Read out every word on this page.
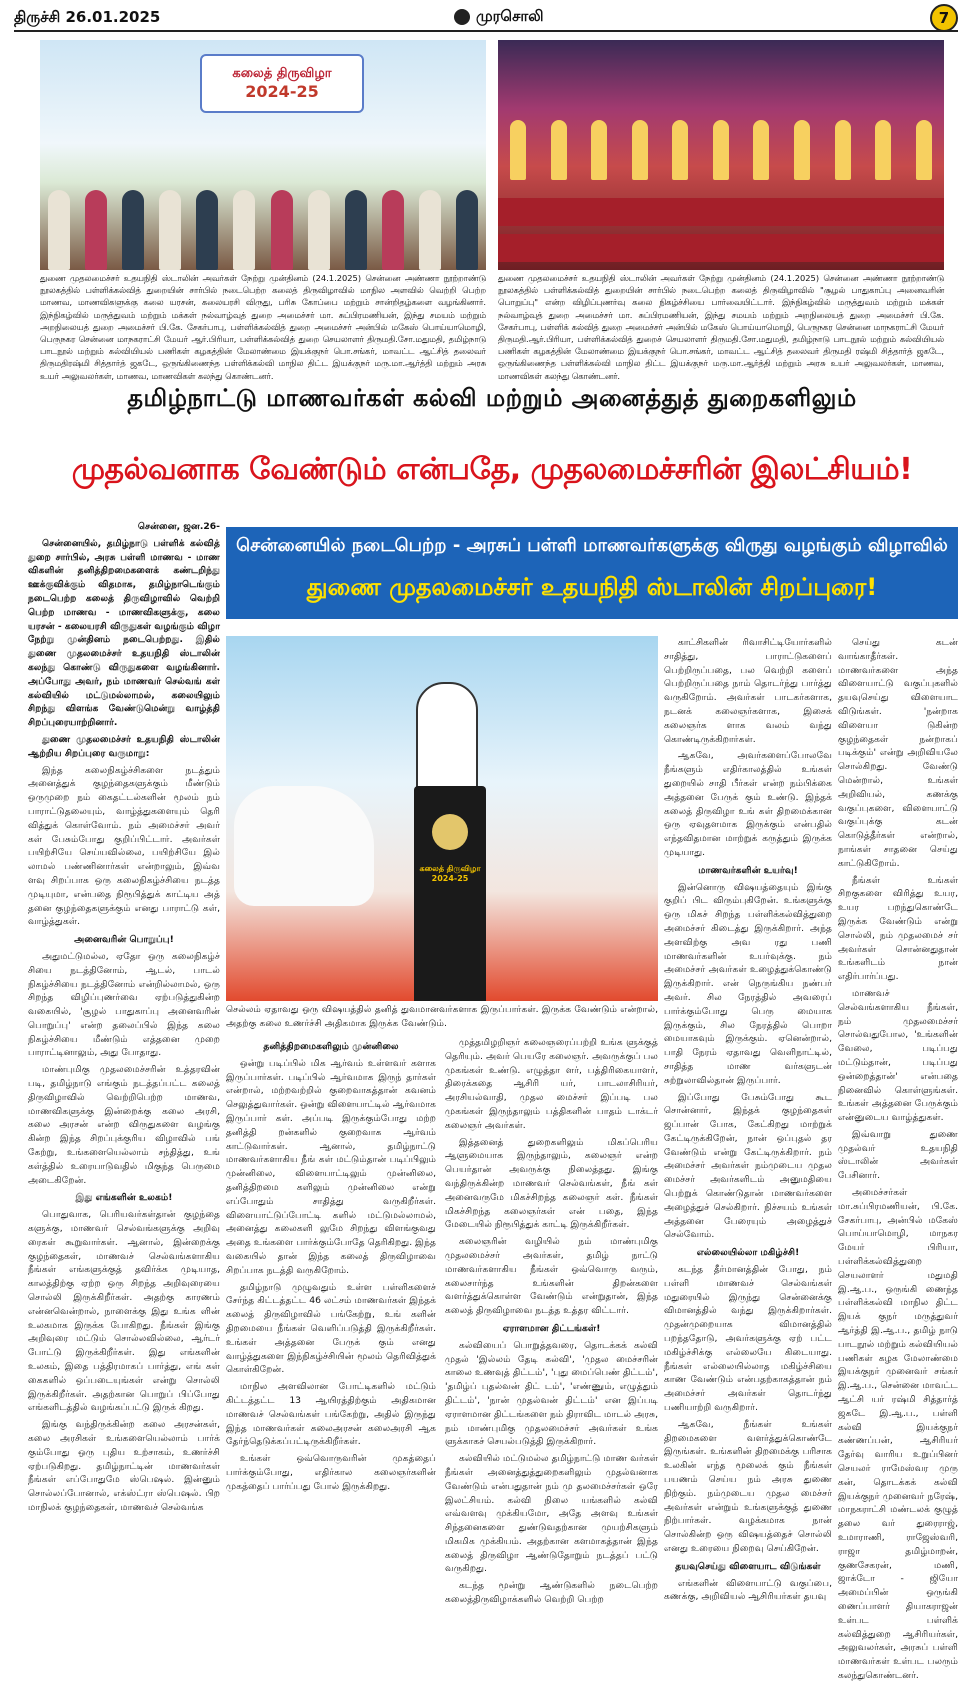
திருச்சி 26.01.2025	முரசொலி	7
கலைத் திருவிழா
2024-25
துணை முதலமைச்சர் உதயநிதி ஸ்டாலின் அவர்கள் நேற்று முன்தினம் (24.1.2025) சென்னை அண்ணா நூற்றாண்டு நூலகத்தில் பள்ளிக்கல்வித் துறையின் சார்பில் நடைபெற்ற கலைத் திருவிழாவில் மாநில அளவில் வெற்றி பெற்ற மாணவ, மாணவிகளுக்கு கலை யரசன், கலையரசி விருது, பரிசு கோப்பை மற்றும் சான்றிதழ்களை வழங்கினார். இந்நிகழ்வில் மருத்துவம் மற்றும் மக்கள் நல்வாழ்வுத் துறை அமைச்சர் மா. சுப்பிரமணியன், இந்து சமயம் மற்றும் அறநிலையத் துறை அமைச்சர் பி.கே. சேகர்பாபு, பள்ளிக்கல்வித் துறை அமைச்சர் அன்பில் மகேஸ் பொய்யாமொழி, பெருநகர சென்னை மாநகராட்சி மேயர் ஆர்.பிரியா, பள்ளிக்கல்வித் துறை செயலாளர் திருமதி.சோ.மதுமதி, தமிழ்நாடு பாடநூல் மற்றும் கல்வியியல் பணிகள் கழகத்தின் மேலாண்மை இயக்குநர் பொ.சங்கர், மாவட்ட ஆட்சித் தலைவர் திருமதிரஷ்மி சித்தார்த் ஜகடே, ஒருங்கிணைந்த பள்ளிக்கல்வி மாநில திட்ட இயக்குநர் மரு.மா.ஆர்த்தி மற்றும் அரசு உயர் அலுவலர்கள், மாணவ, மாணவிகள் கலந்து கொண்டனர்.
துணை முதலமைச்சர் உதயநிதி ஸ்டாலின் அவர்கள் நேற்று முன்தினம் (24.1.2025) சென்னை அண்ணா நூற்றாண்டு நூலகத்தில் பள்ளிக்கல்வித் துறையின் சார்பில் நடைபெற்ற கலைத் திருவிழாவில் "சூழல் பாதுகாப்பு அனைவரின் பொறுப்பு" என்ற விழிப்புணர்வு கலை நிகழ்ச்சியை பார்வையிட்டார். இந்நிகழ்வில் மருத்துவம் மற்றும் மக்கள் நல்வாழ்வுத் துறை அமைச்சர் மா. சுப்பிரமணியன், இந்து சமயம் மற்றும் அறநிலையத் துறை அமைச்சர் பி.கே. சேகர்பாபு, பள்ளிக் கல்வித் துறை அமைச்சர் அன்பில் மகேஸ் பொய்யாமொழி, பெருநகர சென்னை மாநகராட்சி மேயர் திருமதி.ஆர்.பிரியா, பள்ளிக்கல்வித் துறைச் செயலாளர் திருமதி.சோ.மதுமதி, தமிழ்நாடு பாடநூல் மற்றும் கல்வியியல் பணிகள் கழகத்தின் மேலாண்மை இயக்குநர் பொ.சங்கர், மாவட்ட ஆட்சித் தலைவர் திருமதி ரஷ்மி சித்தார்த் ஜகடே, ஒருங்கிணைந்த பள்ளிக்கல்வி மாநில திட்ட இயக்குநர் மரு.மா.ஆர்த்தி மற்றும் அரசு உயர் அலுவலர்கள், மாணவ, மாணவிகள் கலந்து கொண்டனர்.
தமிழ்நாட்டு மாணவர்கள் கல்வி மற்றும் அனைத்துத் துறைகளிலும்
முதல்வனாக வேண்டும் என்பதே, முதலமைச்சரின் இலட்சியம்!

சென்னை, ஜன.26-

சென்னையில், தமிழ்நாடு பள்ளிக் கல்வித் துறை சார்பில், அரசு பள்ளி மாணவ - மாண விகளின் தனித்திறமைகளைக் கண்டறிந்து ஊக்குவிக்கும் விதமாக, தமிழ்நாடெங்கும் நடைபெற்ற கலைத் திருவிழாவில் வெற்றி பெற்ற மாணவ - மாணவிகளுக்கு, கலை யரசன் - கலையரசி விருதுகள் வழங்கும் விழா நேற்று முன்தினம் நடைபெற்றது. இதில் துணை முதலமைச்சர் உதயநிதி ஸ்டாலின் கலந்து கொண்டு விருதுகளை வழங்கினார். அப்போது அவர், நம் மாணவர் செல்வங் கள் கல்வியில் மட்டுமல்லாமல், கலையிலும் சிறந்து விளங்க வேண்டுமென்று வாழ்த்தி சிறப்புரையாற்றினார்.

துணை முதலமைச்சர் உதயநிதி ஸ்டாலின் ஆற்றிய சிறப்புரை வருமாறு:

இந்த கலைநிகழ்ச்சிகளை நடத்தும் அனைத்துக் குழந்தைகளுக்கும் மீண்டும் ஒருமுறை நம் கைதட்டல்களின் மூலம் நம் பாராட்டுதலையும், வாழ்த்துகளையும் தெரி வித்துக் கொள்வோம். நம் அமைச்சர் அவர் கள் பேசும்போது குறிப்பிட்டார். அவர்கள் பயிற்சியே செய்யவில்லை, பயிற்சியே இல் லாமல் பண்ணினார்கள் என்றாலும், இவ்வ ளவு சிறப்பாக ஒரு கலைநிகழ்ச்சியை நடத்த முடியுமா, என்பதை நிரூபித்துக் காட்டிய அத் தனை குழந்தைகளுக்கும் எனது பாராட்டு கள், வாழ்த்துகள்.

அனைவரின் பொறுப்பு!

அதுமட்டுமல்ல, ஏதோ ஒரு கலைநிகழ்ச் சியை நடத்தினோம், ஆடல், பாடல் நிகழ்ச்சியை நடத்தினோம் என்றில்லாமல், ஒரு சிறந்த விழிப்புணர்வை ஏற்படுத்துகின்ற வகையில், 'சூழல் பாதுகாப்பு அனைவரின் பொறுப்பு' என்ற தலைப்பில் இந்த கலை நிகழ்ச்சியை மீண்டும் எத்தனை முறை பாராட்டினாலும், அது போதாது.

மாண்புமிகு முதலமைச்சரின் உத்தரவின் படி, தமிழ்நாடு எங்கும் நடத்தப்பட்ட கலைத் திருவிழாவில் வெற்றிபெற்ற மாணவ, மாணவிகளுக்கு இன்றைக்கு கலை அரசி, கலை அரசன் என்ற விருதுகளை வழங்கு கின்ற இந்த சிறப்புக்குரிய விழாவில் பங் கேற்று, உங்களையெல்லாம் சந்தித்து, உங் கள்த்தில் உரையாடுவதில் மிகுந்த பெருமை அடைகிறேன்.

இது எங்களின் உலகம்!

பொதுவாக, பெரியவர்கள்தான் குழந்தை களுக்கு, மாணவர் செல்வங்களுக்கு அறிவு ரைகள் கூறுவார்கள். ஆனால், இன்றைக்கு குழந்தைகள், மாணவச் செல்வங்களாகிய நீங்கள் எங்களுக்குத் தவிர்க்க முடியாத, காலத்திற்கு ஏற்ற ஒரு சிறந்த அறிவுரையை சொல்லி இருக்கிறீர்கள். அதற்கு காரணம் என்னவென்றால், நாளைக்கு இது உங்க ளின் உலகமாக இருக்க போகிறது. நீங்கள் இங்கு அறிவுரை மட்டும் சொல்லவில்லை, ஆர்டர் போட்டு இருக்கிறீர்கள். இது எங்களின் உலகம், இதை பத்திரமாகப் பார்த்து, எங் கள் கைகளில் ஒப்படையுங்கள் என்று சொல்லி இருக்கிறீர்கள். அதற்கான பொறுப் பிப்போது எங்களிடத்தில் வழங்கப்பட்டு இருக் கிறது.

இங்கு வந்திருக்கின்ற கலை அரசன்கள், கலை அரசிகள் உங்களையெல்லாம் பார்க் கும்போது ஒரு புதிய உற்சாகம், உணர்ச்சி ஏற்படுகிறது. தமிழ்நாட்டின் மாணவர்கள் நீங்கள் எப்போதுமே ஸ்பெஷல். இன்னும் சொல்லப்போனால், எக்ஸ்ட்ரா ஸ்பெஷல். பிற மாநிலக் குழந்தைகள், மாணவச் செல்வங்க

சென்னையில் நடைபெற்ற - அரசுப் பள்ளி மாணவர்களுக்கு விருது வழங்கும் விழாவில்
துணை முதலமைச்சர் உதயநிதி ஸ்டாலின் சிறப்புரை!
கலைத் திருவிழா 2024-25
செல்லம் ஏதாவது ஒரு விஷயத்தில் தனித் துவமானவர்களாக இருப்பார்கள். இருக்க வேண்டும் என்றால், அதற்கு கலை உணர்ச்சி அதிகமாக இருக்க வேண்டும்.

தனித்திறமைகளிலும் முன்னிலை

ஒன்று படிப்பில் மிக ஆர்வம் உள்ளவர் களாக இருப்பார்கள். படிப்பில் ஆர்வமாக இருந் தார்கள் என்றால், மற்றவற்றில் குறைவாகத்தான் கவனம் செலுத்துவார்கள். ஒன்று விளையாட்டில் ஆர்வமாக இருப்பார் கள். அப்படி இருக்கும்போது மற்ற தனித்தி றன்களில் குறைவாக ஆர்வம் காட்டுவார்கள். ஆனால், தமிழ்நாட்டு மாணவர்களாகிய நீங் கள் மட்டும்தான் படிப்பிலும் முன்னிலை, விளையாட்டிலும் முன்னிலை, தனித்திறமை களிலும் முன்னிலை என்று எப்போதும் சாதித்து வருகிறீர்கள். விளையாட்டுப்போட்டி களில் மட்டுமல்லாமல், அனைத்து கலைகளி லுமே சிறந்து விளங்குவது அதை உங்களை பார்க்கும்போதே தெரிகிறது. இந்த வகையில் தான் இந்த கலைத் திருவிழாவை சிறப்பாக நடத்தி வருகிறோம்.

தமிழ்நாடு முழுவதும் உள்ள பள்ளிகளைச் சேர்ந்த கிட்டத்தட்ட 46 லட்சம் மாணவர்கள் இந்தக் கலைத் திருவிழாவில் பங்கேற்று, உங் களின் திறமையை நீங்கள் வெளிப்படுத்தி இருக்கிறீர்கள். உங்கள் அத்தனை பேருக் கும் எனது வாழ்த்துகளை இந்நிகழ்ச்சியின் மூலம் தெரிவித்துக் கொள்கிறேன்.

மாநில அளவிலான போட்டிகளில் மட்டும் கிட்டத்தட்ட 13 ஆயிரத்திற்கும் அதிகமான மாணவச் செல்வங்கள் பங்கேற்று, அதில் இருந்து இந்த மாணவர்கள் கலைஅரசன் கலைஅரசி ஆக தேர்ந்தெடுக்கப்பட்டிருக்கிறீர்கள்.

உங்கள் ஒவ்வொருவரின் முகத்தைப் பார்க்கும்போது, எதிர்கால கலைஞர்களின் முகத்தைப் பார்ப்பது போல் இருக்கிறது.

முத்தமிழறிஞர் கலைஞரைப்பற்றி உங்க ளுக்குத் தெரியும். அவர் பெயரே கலைஞர். அவருக்குப் பல முகங்கள் உண்டு. எழுத்தா ளர், பத்திரிகையாளர், திரைக்கதை ஆசிரி யர், பாடலாசிரியர், அரசியல்வாதி, முதல மைச்சர் இப்படி பல முகங்கள் இருந்தாலும் பத்திகளின் பாதம் டாக்டர் கலைஞர் அவர்கள்.

இத்தனைத் துறைகளிலும் மிகப்பெரிய ஆளுமையாக இருந்தாலும், கலைஞர் என்ற பெயர்தான் அவருக்கு நிலைத்தது. இங்கு வந்திருக்கின்ற மாணவர் செல்வங்கள், நீங் கள் அனைவருமே மிகச்சிறந்த கலைஞர் கள். நீங்கள் மிகச்சிறந்த கலைஞர்கள் என் பதை, இந்த மேடையில் நிரூபித்துக் காட்டி இருக்கிறீர்கள்.

கலைஞரின் வழியில் நம் மாண்புமிகு முதலமைச்சர் அவர்கள், தமிழ் நாட்டு மாணவர்களாகிய நீங்கள் ஒவ்வொரு வரும், கலைசார்ந்த உங்களின் திறன்களை வளர்த்துக்கொள்ள வேண்டும் என்றுதான், இந்த கலைத் திருவிழாவை நடத்த உத்தர விட்டார்.

ஏராளமான திட்டங்கள்!

கல்வியைப் பொறுத்தவரை, தொடக்கக் கல்வி முதல் 'இல்லம் தேடி கல்வி', 'முதல மைச்சரின் காலை உணவுத் திட்டம்', 'புது மைப்பெண் திட்டம்', 'தமிழ்ப் புதல்வன் திட் டம்', 'எண்ணும், எழுத்தும் திட்டம்', 'நான் முதல்வன் திட்டம்' என இப்படி ஏராளமான திட்டங்களை நம் திராவிட மாடல் அரசு, நம் மாண்புமிகு முதலமைச்சர் அவர்கள் உங்க ளுக்காகச் செயல்படுத்தி இருக்கிறார்.

கல்வியில் மட்டுமல்ல தமிழ்நாட்டு மாண வர்கள் நீங்கள் அனைத்துத்துறைகளிலும் முதல்வனாக வேண்டும் என்பதுதான் நம் மு தலமைச்சர்கள் ஒரே இலட்சியம். கல்வி நிலை யங்களில் கல்வி எவ்வளவு முக்கியமோ, அதே அளவு உங்கள் சிந்தனைகளை துண்டுவதற்கான முயற்சிகளும் மிகமிக முக்கியம். அதற்கான களமாகத்தான் இந்த கலைத் திருவிழா ஆண்டுதோறும் நடத்தப் பட்டு வருகிறது.

கடந்த மூன்று ஆண்டுகளில் நடைபெற்ற கலைத்திருவிழாக்களில் வெற்றி பெற்ற

காட்சிகளின் ரிவாசிட்டியோர்களில் சாதித்து, பாராட்டுகளைப் பெற்றிருப்பதை, பல வெற்றி களைப் பெற்றிருப்பதை நாம் தொடர்ந்து பார்த்து வருகிறோம். அவர்கள் பாடகர்களாக, நடனக் கலைஞர்களாக, இசைக் கலைஞர்க ளாக வலம் வந்து கொண்டிருக்கிறார்கள்.

ஆகவே, அவர்களைப்போலவே நீங்களும் எதிர்காலத்தில் உங்கள் துறையில் சாதி பீர்கள் என்ற நம்பிக்கை அத்தனை பேருக் கும் உண்டு. இந்தக் கலைத் திருவிழா உங் கள் திறமைக்கான ஒரு ஏவுதளமாக இருக்கும் என்பதில் எந்தவிதமான மாற்றுக் கருத்தும் இருக்க முடியாது.

மாணவர்களின் உயர்வு!

இன்னொரு விஷயத்தையும் இங்கு குறிப் பிட விரும்புகிறேன். உங்களுக்கு ஒரு மிகச் சிறந்த பள்ளிக்கல்வித்துறை அமைச்சர் கிடைத்து இருக்கிறார். அந்த அளவிற்கு அவ ரது பணி மாணவர்களின் உயர்வுக்கு. நம் அமைச்சர் அவர்கள் உழைத்துக்கொண்டு இருக்கிறார். என் நெருங்கிய நண்பர் அவர். சில நேரத்தில் அவரைப் பார்க்கும்போது பெரு மையாக இருக்கும், சில நேரத்தில் பொறா மையாகவும் இருக்கும். ஏனென்றால், பாதி நேரம் ஏதாவது வெளிநாட்டில், சாதித்த மாண வர்களுடன் சுற்றுலாவில்தான் இருப்பார்.

இப்போது பேசும்போது கூட சொன்னார், இந்தக் குழந்தைகள் ஜப்பான் போக, கேட்கிறது மாற்றுக் கேட்டிருக்கிறேன், நான் ஒப்புதல் தர வேண்டும் என்று கேட்டிருக்கிறார். நம் அமைச்சர் அவர்கள் நம்முடைய முதல மைச்சர் அவர்களிடம் அனுமதியை பெற்றுக் கொண்டுதான் மாணவர்களை அழைத்துச் செல்கிறார். நிச்சயம் உங்கள் அத்தனை பேரையும் அழைத்துச் செல்வோம்.

எல்லையில்லா மகிழ்ச்சி!

கடந்த தீர்மானத்தின் போது, நம் பள்ளி மாணவச் செல்வங்கள் மதுரையில் இருந்து சென்னைக்கு விமானத்தில் வந்து இருக்கிறார்கள். முதன்முறையாக விமானத்தில் பறந்ததோடு, அவர்களுக்கு ஏற் பட்ட மகிழ்ச்சிக்கு எல்லையே கிடையாது. நீங்கள் எல்லையில்லாத மகிழ்ச்சியை காண வேண்டும் என்பதற்காகத்தான் நம் அமைச்சர் அவர்கள் தொடர்ந்து பணியாற்றி வருகிறார்.

ஆகவே, நீங்கள் உங்கள் திறமைகளை வளர்த்துக்கொண்டே இருங்கள். உங்களின் திறமைக்கு பரிசாக உலகின் எந்த மூலைக் கும் நீங்கள் பயணம் செய்ய நம் அரசு துணை நிற்கும். நம்முடைய முதல மைச்சர் அவர்கள் என்றும் உங்களுக்குத் துணை நிற்பார்கள். வழக்கமாக நான் சொல்கின்ற ஒரு விஷயத்தைச் சொல்லி எனது உரையை நிறைவு செய்கிறேன்.

தயவுசெய்து விளையாட விடுங்கள்

எங்களின் விளையாட்டு வகுப்பை, கணக்கு, அறிவியல் ஆசிரியர்கள் தயவு

செய்து கடன் வாங்காதீர்கள். மாணவர்களை அந்த விளையாட்டு வகுப்புகளில் தயவுசெய்து விளையாட விடுங்கள். 'நன்றாக விளையா டுகின்ற குழந்தைகள் நன்றாகப் படிக்கும்' என்று அறிவியலே சொல்கிறது. வேண்டு மென்றால், உங்கள் அறிவியல், கணக்கு வகுப்புகளை, விளையாட்டு வகுப்புக்கு கடன் கொடுத்தீர்கள் என்றால், நாங்கள் சாதனை செய்து காட்டுகிறோம்.

நீங்கள் உங்கள் சிறகுகளை விரித்து உயர, உயர பறந்துகொண்டே இருக்க வேண்டும் என்று சொல்லி, நம் முதலமைச் சர் அவர்கள் சொன்னதுதான் உங்களிடம் நான் எதிர்பார்ப்பது.

மாணவச் செல்வங்களாகிய நீங்கள், நம் முதலமைச்சர் சொல்வதுபோல, 'உங்களின் வேலை, படிப்பது மட்டும்தான், படிப்பது ஒன்றைத்தான்' என்பதை நினைவில் கொள்ளுங்கள். உங்கள் அத்தனை பேருக்கும் என்னுடைய வாழ்த்துகள்.

இவ்வாறு துணை முதல்வர் உதயநிதி ஸ்டாலின் அவர்கள் பேசினார்.

அமைச்சர்கள் மா.சுப்பிரமணியன், பி.கே. சேகர்பாபு, அன்பில் மகேஸ் பொய்யாமொழி, மாநகர மேயர் பிரியா, பள்ளிக்கல்வித்துறை செயலாளர் மதுமதி இ.ஆ.ப., ஒருங்கி ணைந்த பள்ளிக்கல்வி மாநில திட்ட இயக் குநர் மருத்துவர் ஆர்த்தி இ.ஆ.ப., தமிழ் நாடு பாடநூல் மற்றும் கல்வியியல் பணிகள் கழக மேலாண்மை இயக்குநர் முனைவர் சங்கர் இ.ஆ.ப., சென்னை மாவட்ட ஆட்சி யர் ரஷ்மி சித்தார்த் ஜகடே இ.ஆ.ப., பள்ளி கல்வி இயக்குநர் கண்ணப்பன், ஆசிரியர் தேர்வு வாரிய உறுப்பினர் செயலர் ராமேஸ்வர முரு கன், தொடக்கக் கல்வி இயக்குநர் முனைவர் நரேஷ், மாநகராட்சி மண்டலக் குழுத் தலை வர் துரைராஜ், உமாராணி, ராஜேஸ்வரி, ராஜா தமிழ்மாறன், குணசேகரன், மணி, ஜாக்டோ - ஜியோ அமைப்பின் ஒருங்கி ணைப்பாளர் தியாகராஜன் உள்பட பள்ளிக் கல்வித்துறை ஆசிரியர்கள், அலுவலர்கள், அரசுப் பள்ளி மாணவர்கள் உள்பட பலரும் கலந்துகொண்டனர்.
